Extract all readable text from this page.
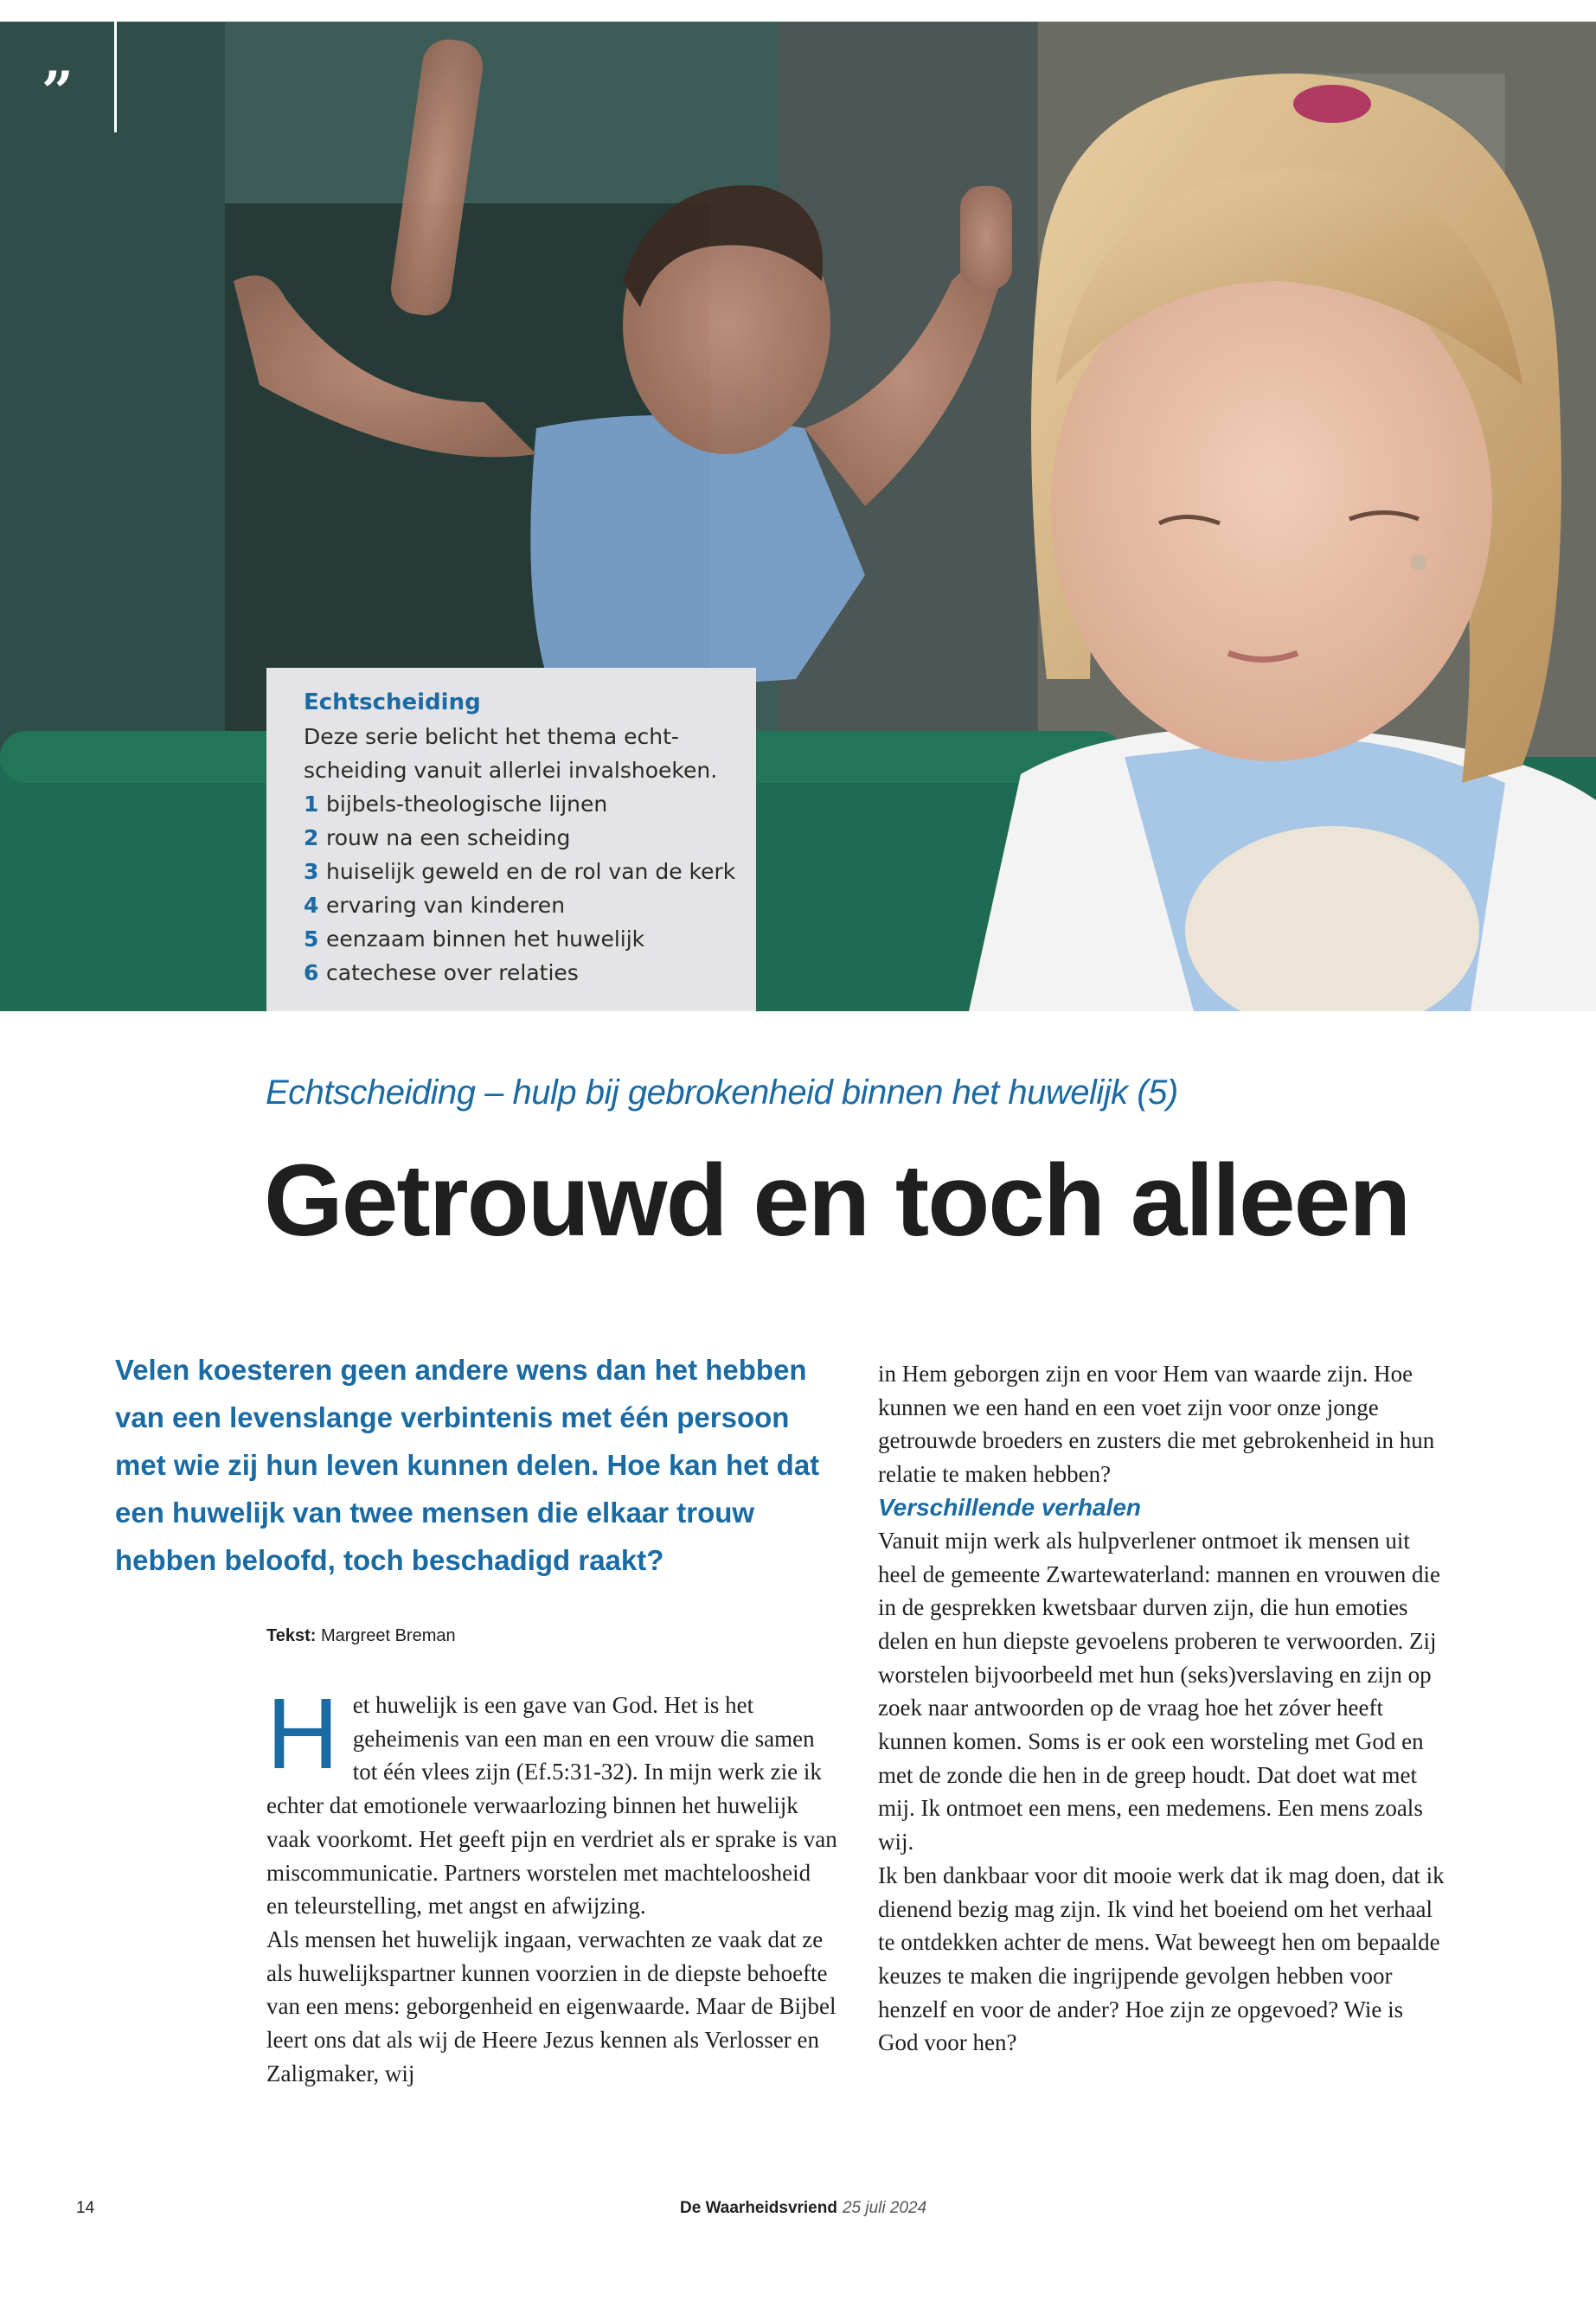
”
Echtscheiding

Deze serie belicht het thema echt-

scheiding vanuit allerlei invalshoeken.

1 bijbels-theologische lijnen
2 rouw na een scheiding
3 huiselijk geweld en de rol van de kerk
4 ervaring van kinderen
5 eenzaam binnen het huwelijk
6 catechese over relaties
Echtscheiding – hulp bij gebrokenheid binnen het huwelijk (5)
Getrouwd en toch alleen
Velen koesteren geen andere wens dan het hebben van een levenslange verbintenis met één persoon met wie zij hun leven kunnen delen. Hoe kan het dat een huwelijk van twee mensen die elkaar trouw hebben beloofd, toch beschadigd raakt?
Tekst: Margreet Breman
H et huwelijk is een gave van God. Het is het geheimenis van een man en een vrouw die samen tot één vlees zijn (Ef.5:31-32). In mijn werk zie ik echter dat emotionele verwaarlozing binnen het huwelijk vaak voorkomt. Het geeft pijn en verdriet als er sprake is van miscommunicatie. Partners worstelen met machteloosheid en teleurstelling, met angst en afwijzing.

Als mensen het huwelijk ingaan, verwachten ze vaak dat ze als huwelijkspartner kunnen voorzien in de diepste behoefte van een mens: geborgenheid en eigenwaarde. Maar de Bijbel leert ons dat als wij de Heere Jezus kennen als Verlosser en Zaligmaker, wij

in Hem geborgen zijn en voor Hem van waarde zijn. Hoe kunnen we een hand en een voet zijn voor onze jonge getrouwde broeders en zusters die met gebrokenheid in hun relatie te maken hebben?

Verschillende verhalen

Vanuit mijn werk als hulpverlener ontmoet ik mensen uit heel de gemeente Zwartewaterland: mannen en vrouwen die in de gesprekken kwetsbaar durven zijn, die hun emoties delen en hun diepste gevoelens proberen te verwoorden. Zij worstelen bijvoorbeeld met hun (seks)verslaving en zijn op zoek naar antwoorden op de vraag hoe het zóver heeft kunnen komen. Soms is er ook een worsteling met God en met de zonde die hen in de greep houdt. Dat doet wat met mij. Ik ontmoet een mens, een medemens. Een mens zoals wij.

Ik ben dankbaar voor dit mooie werk dat ik mag doen, dat ik dienend bezig mag zijn. Ik vind het boeiend om het verhaal te ontdekken achter de mens. Wat beweegt hen om bepaalde keuzes te maken die ingrijpende gevolgen hebben voor henzelf en voor de ander? Hoe zijn ze opgevoed? Wie is God voor hen?

14	De Waarheidsvriend 25 juli 2024
